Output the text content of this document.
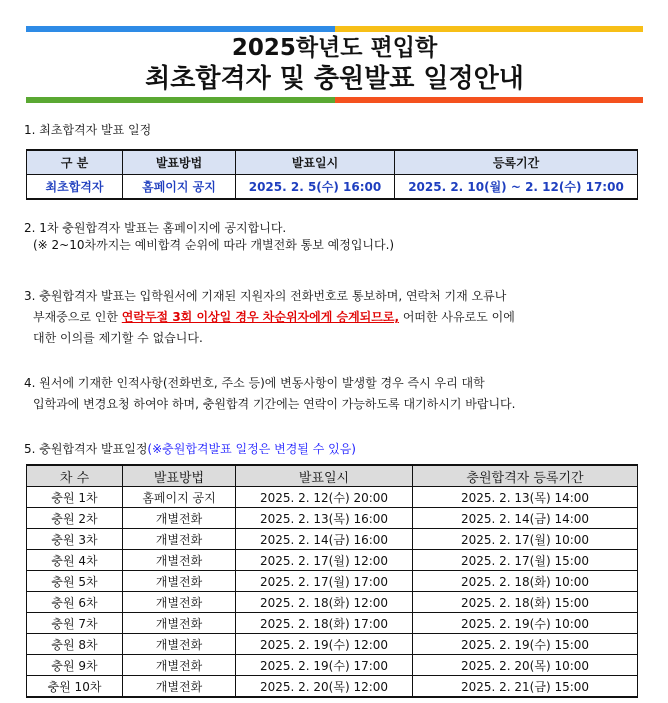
2025학년도 편입학
최초합격자 및 충원발표 일정안내
1. 최초합격자 발표 일정
구 분	발표방법	발표일시	등록기간
최초합격자	홈페이지 공지	2025. 2. 5(수) 16:00	2025. 2. 10(월) ~ 2. 12(수) 17:00

2. 1차 충원합격자 발표는 홈페이지에 공지합니다.

(※ 2~10차까지는 예비합격 순위에 따라 개별전화 통보 예정입니다.)

3. 충원합격자 발표는 입학원서에 기재된 지원자의 전화번호로 통보하며, 연락처 기재 오류나

부재중으로 인한 연락두절 3회 이상일 경우 차순위자에게 승계되므로, 어떠한 사유로도 이에

대한 이의를 제기할 수 없습니다.

4. 원서에 기재한 인적사항(전화번호, 주소 등)에 변동사항이 발생할 경우 즉시 우리 대학

입학과에 변경요청 하여야 하며, 충원합격 기간에는 연락이 가능하도록 대기하시기 바랍니다.

5. 충원합격자 발표일정(※충원합격발표 일정은 변경될 수 있음)
차 수	발표방법	발표일시	충원합격자 등록기간
충원 1차	홈페이지 공지	2025. 2. 12(수) 20:00	2025. 2. 13(목) 14:00
충원 2차	개별전화	2025. 2. 13(목) 16:00	2025. 2. 14(금) 14:00
충원 3차	개별전화	2025. 2. 14(금) 16:00	2025. 2. 17(월) 10:00
충원 4차	개별전화	2025. 2. 17(월) 12:00	2025. 2. 17(월) 15:00
충원 5차	개별전화	2025. 2. 17(월) 17:00	2025. 2. 18(화) 10:00
충원 6차	개별전화	2025. 2. 18(화) 12:00	2025. 2. 18(화) 15:00
충원 7차	개별전화	2025. 2. 18(화) 17:00	2025. 2. 19(수) 10:00
충원 8차	개별전화	2025. 2. 19(수) 12:00	2025. 2. 19(수) 15:00
충원 9차	개별전화	2025. 2. 19(수) 17:00	2025. 2. 20(목) 10:00
충원 10차	개별전화	2025. 2. 20(목) 12:00	2025. 2. 21(금) 15:00
